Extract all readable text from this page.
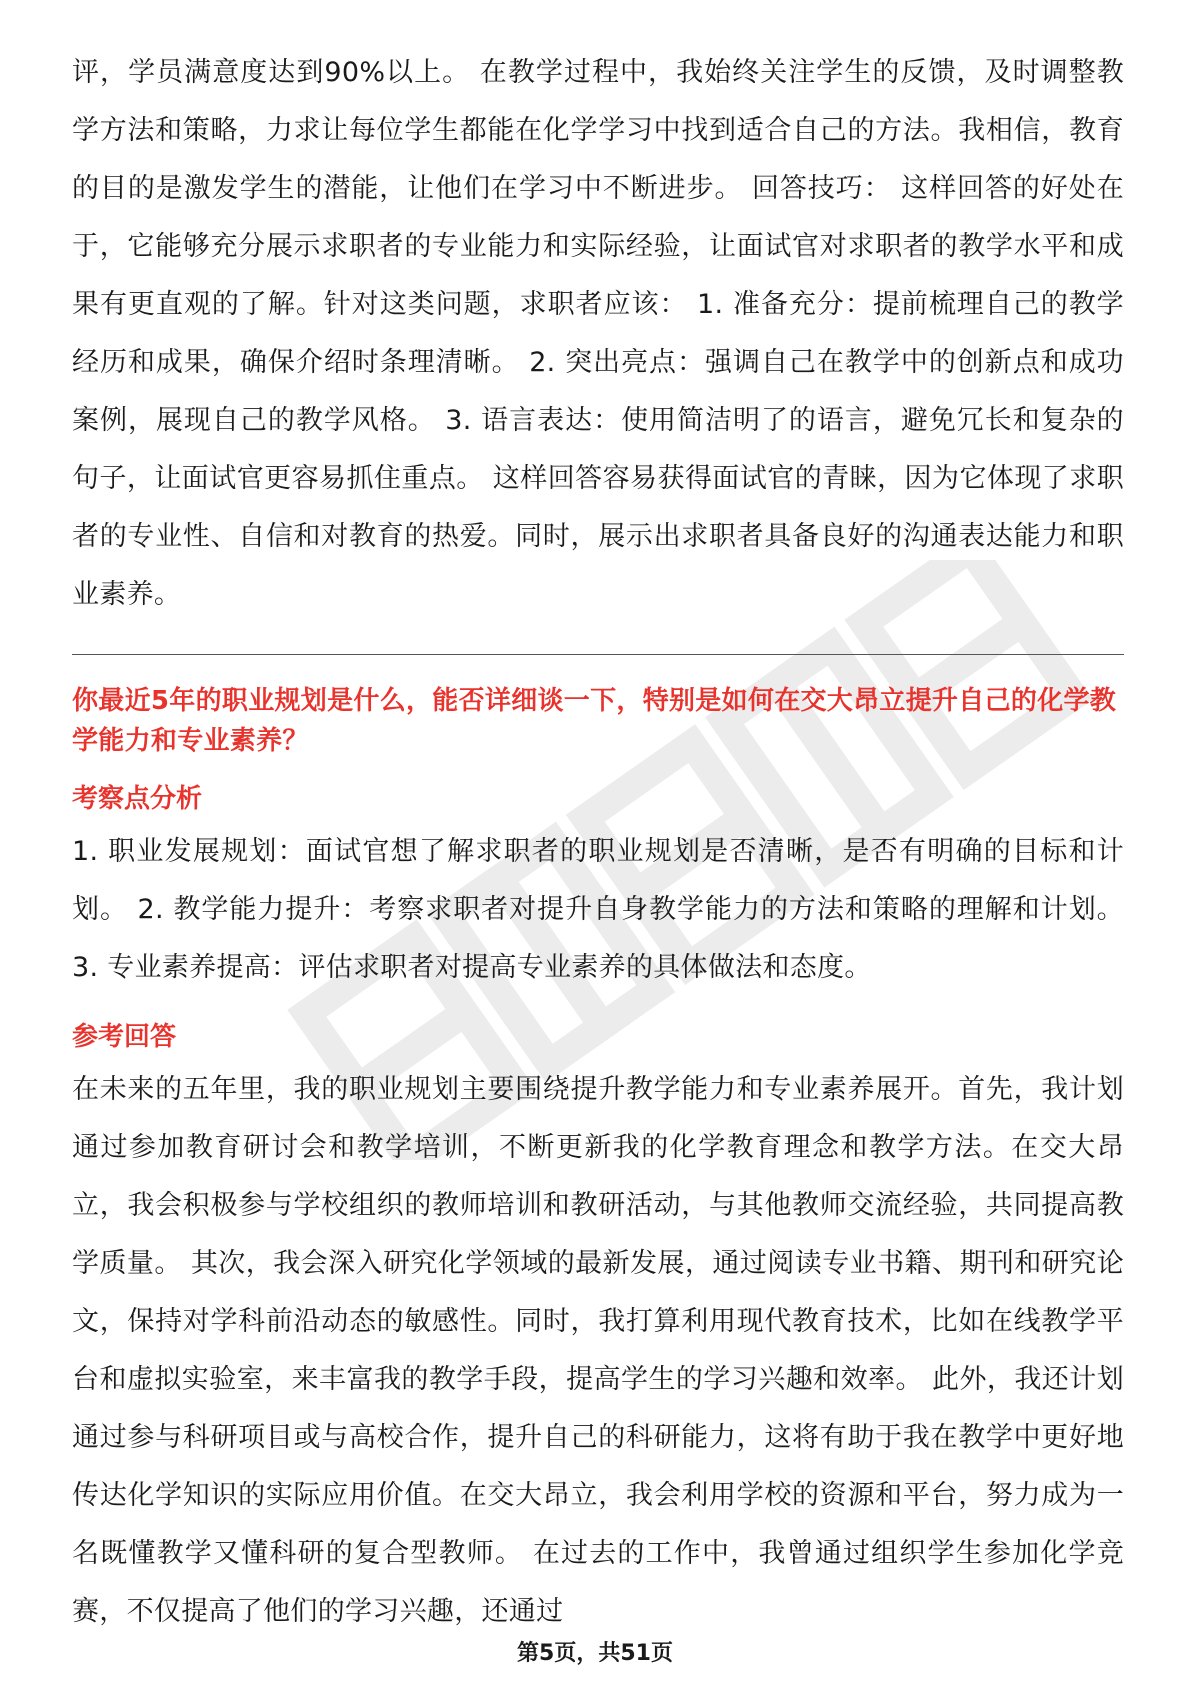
评，学员满意度达到90%以上。 在教学过程中，我始终关注学生的反馈，及时调整教学方法和策略，力求让每位学生都能在化学学习中找到适合自己的方法。我相信，教育的目的是激发学生的潜能，让他们在学习中不断进步。 回答技巧： 这样回答的好处在于，它能够充分展示求职者的专业能力和实际经验，让面试官对求职者的教学水平和成果有更直观的了解。针对这类问题，求职者应该： 1. 准备充分：提前梳理自己的教学经历和成果，确保介绍时条理清晰。 2. 突出亮点：强调自己在教学中的创新点和成功案例，展现自己的教学风格。 3. 语言表达：使用简洁明了的语言，避免冗长和复杂的句子，让面试官更容易抓住重点。 这样回答容易获得面试官的青睐，因为它体现了求职者的专业性、自信和对教育的热爱。同时，展示出求职者具备良好的沟通表达能力和职业素养。

你最近5年的职业规划是什么，能否详细谈一下，特别是如何在交大昂立提升自己的化学教学能力和专业素养？

考察点分析

1. 职业发展规划：面试官想了解求职者的职业规划是否清晰，是否有明确的目标和计划。 2. 教学能力提升：考察求职者对提升自身教学能力的方法和策略的理解和计划。 3. 专业素养提高：评估求职者对提高专业素养的具体做法和态度。

参考回答

在未来的五年里，我的职业规划主要围绕提升教学能力和专业素养展开。首先，我计划通过参加教育研讨会和教学培训，不断更新我的化学教育理念和教学方法。在交大昂立，我会积极参与学校组织的教师培训和教研活动，与其他教师交流经验，共同提高教学质量。 其次，我会深入研究化学领域的最新发展，通过阅读专业书籍、期刊和研究论文，保持对学科前沿动态的敏感性。同时，我打算利用现代教育技术，比如在线教学平台和虚拟实验室，来丰富我的教学手段，提高学生的学习兴趣和效率。 此外，我还计划通过参与科研项目或与高校合作，提升自己的科研能力，这将有助于我在教学中更好地传达化学知识的实际应用价值。在交大昂立，我会利用学校的资源和平台，努力成为一名既懂教学又懂科研的复合型教师。 在过去的工作中，我曾通过组织学生参加化学竞赛，不仅提高了他们的学习兴趣，还通过

第5页，共51页
